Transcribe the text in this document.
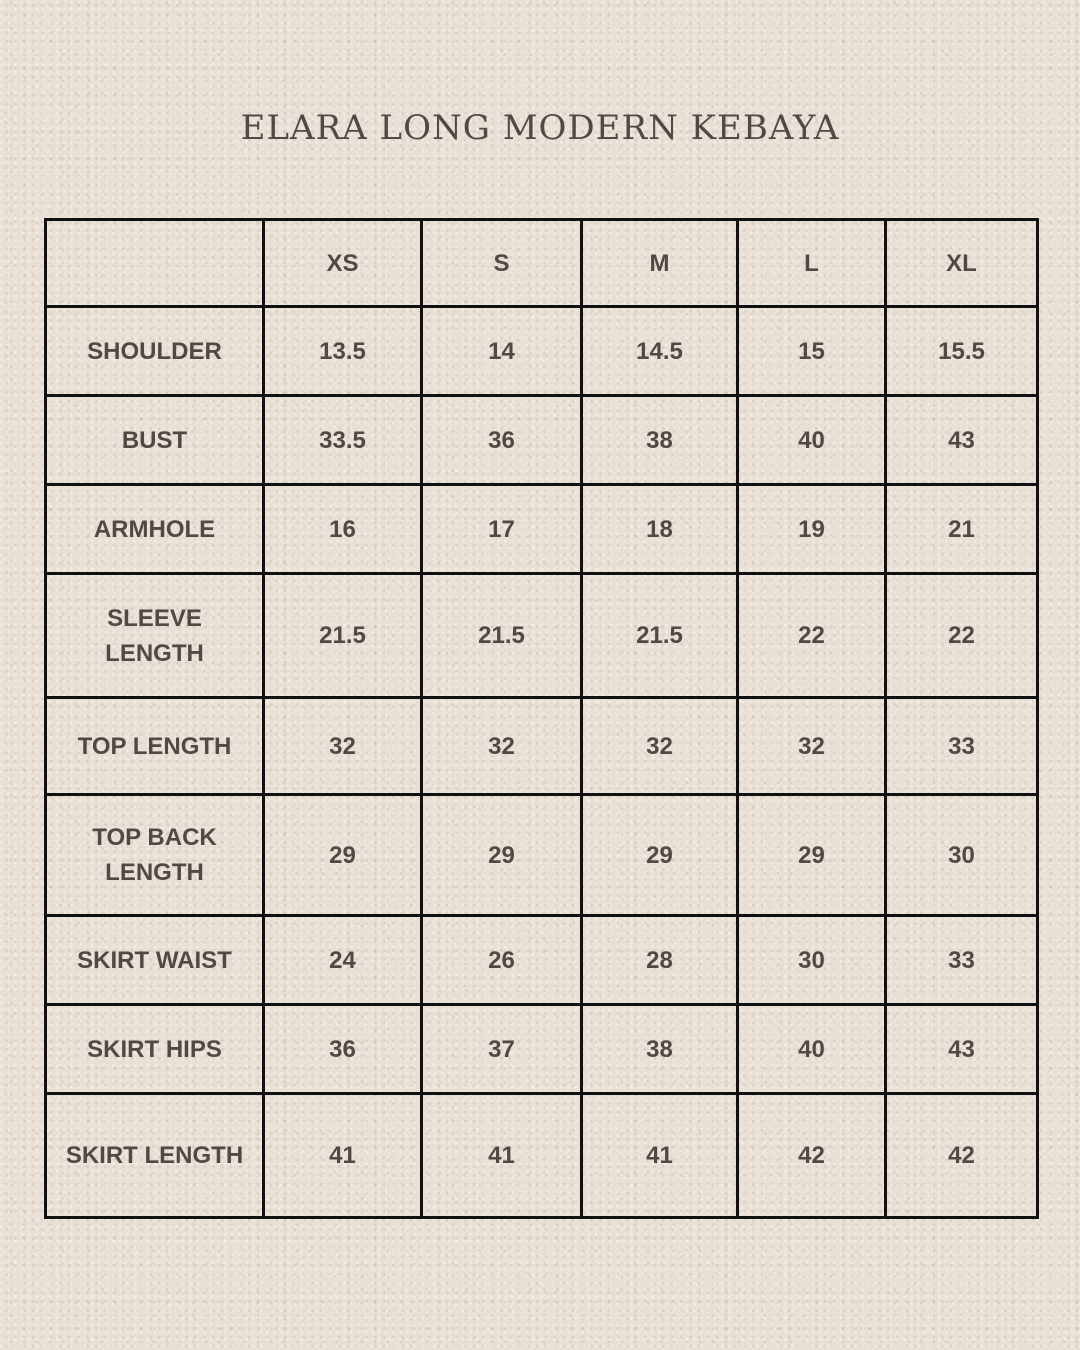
ELARA LONG MODERN KEBAYA
	XS	S	M	L	XL
SHOULDER	13.5	14	14.5	15	15.5
BUST	33.5	36	38	40	43
ARMHOLE	16	17	18	19	21
SLEEVE LENGTH	21.5	21.5	21.5	22	22
TOP LENGTH	32	32	32	32	33
TOP BACK LENGTH	29	29	29	29	30
SKIRT WAIST	24	26	28	30	33
SKIRT HIPS	36	37	38	40	43
SKIRT LENGTH	41	41	41	42	42
